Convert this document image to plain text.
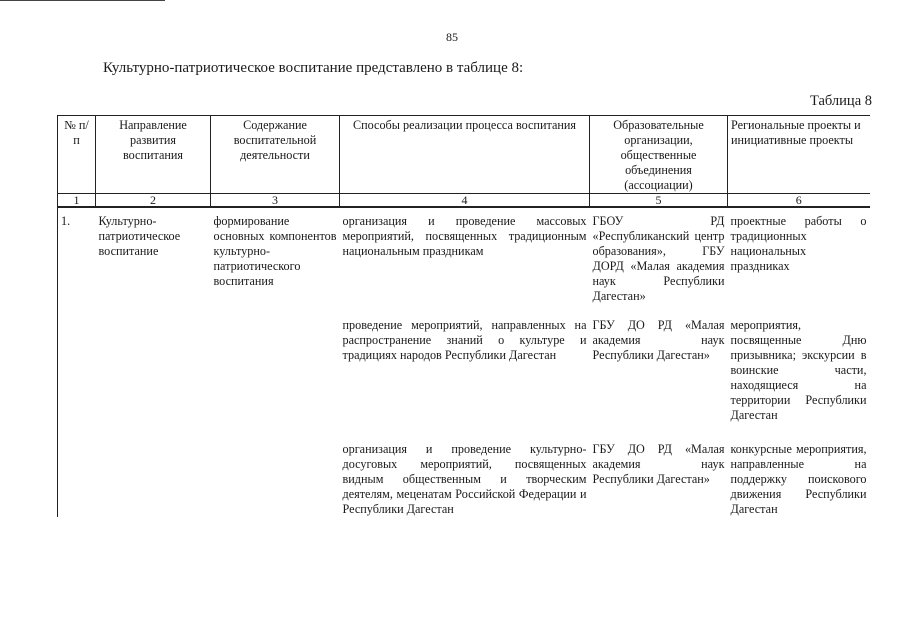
85
Культурно-патриотическое воспитание представлено в таблице 8:
Таблица 8
№ п/п	Направление развития воспитания	Содержание воспитательной деятельности	Способы реализации процесса воспитания	Образовательные организации, общественные объединения (ассоциации)	Региональные проекты и инициативные проекты
1	2	3	4	5	6
1.	Культурно-патриотическое воспитание	формирование основных компонентов культурно-патриотического воспитания	организация и проведение массовых мероприятий, посвященных традиционным национальным праздникам	ГБОУ РД «Республиканский центр образования», ГБУ ДОРД «Малая академия наук Республики Дагестан»	проектные работы о традиционных национальных праздниках
			проведение мероприятий, направленных на распространение знаний о культуре и традициях народов Республики Дагестан	ГБУ ДО РД «Малая академия наук Республики Дагестан»	мероприятия, посвященные Дню призывника; экскурсии в воинские части, находящиеся на территории Республики Дагестан
			организация и проведение культурно-досуговых мероприятий, посвященных видным общественным и творческим деятелям, меценатам Российской Федерации и Республики Дагестан	ГБУ ДО РД «Малая академия наук Республики Дагестан»	конкурсные мероприятия, направленные на поддержку поискового движения Республики Дагестан
